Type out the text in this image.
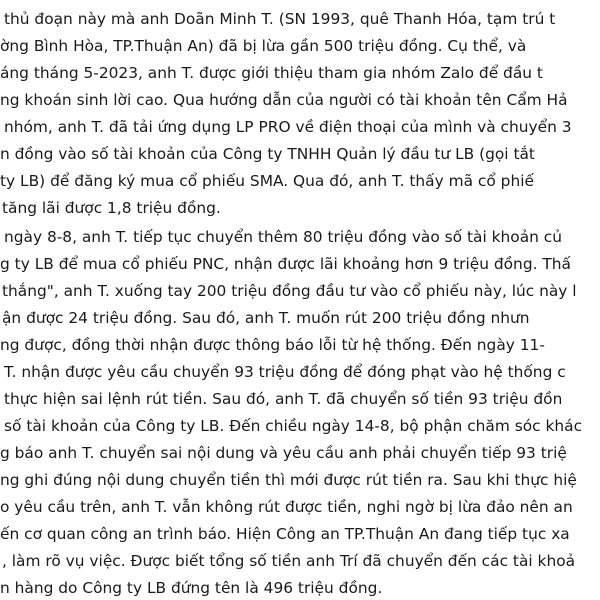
thủ đoạn này mà anh Doãn Minh T. (SN 1993, quê Thanh Hóa, tạm trú t
ờng Bình Hòa, TP.Thuận An) đã bị lừa gần 500 triệu đồng. Cụ thể, và
áng tháng 5-2023, anh T. được giới thiệu tham gia nhóm Zalo để đầu t
ng khoán sinh lời cao. Qua hướng dẫn của người có tài khoản tên Cẩm Hả
nhóm, anh T. đã tải ứng dụng LP PRO về điện thoại của mình và chuyển 3
n đồng vào số tài khoản của Công ty TNHH Quản lý đầu tư LB (gọi tắt
ty LB) để đăng ký mua cổ phiếu SMA. Qua đó, anh T. thấy mã cổ phiế
tăng lãi được 1,8 triệu đồng.
ngày 8-8, anh T. tiếp tục chuyển thêm 80 triệu đồng vào số tài khoản củ
g ty LB để mua cổ phiếu PNC, nhận được lãi khoảng hơn 9 triệu đồng. Thấ
thắng", anh T. xuống tay 200 triệu đồng đầu tư vào cổ phiếu này, lúc này l
ận được 24 triệu đồng. Sau đó, anh T. muốn rút 200 triệu đồng nhưn
ng được, đồng thời nhận được thông báo lỗi từ hệ thống. Đến ngày 11-
T. nhận được yêu cầu chuyển 93 triệu đồng để đóng phạt vào hệ thống c
thực hiện sai lệnh rút tiền. Sau đó, anh T. đã chuyển số tiền 93 triệu đồn
số tài khoản của Công ty LB. Đến chiều ngày 14-8, bộ phận chăm sóc khác
g báo anh T. chuyển sai nội dung và yêu cầu anh phải chuyển tiếp 93 triệ
ng ghi đúng nội dung chuyển tiền thì mới được rút tiền ra. Sau khi thực hiệ
o yêu cầu trên, anh T. vẫn không rút được tiền, nghi ngờ bị lừa đảo nên an
ến cơ quan công an trình báo. Hiện Công an TP.Thuận An đang tiếp tục xa
, làm rõ vụ việc. Được biết tổng số tiền anh Trí đã chuyển đến các tài khoả
n hàng do Công ty LB đứng tên là 496 triệu đồng.
